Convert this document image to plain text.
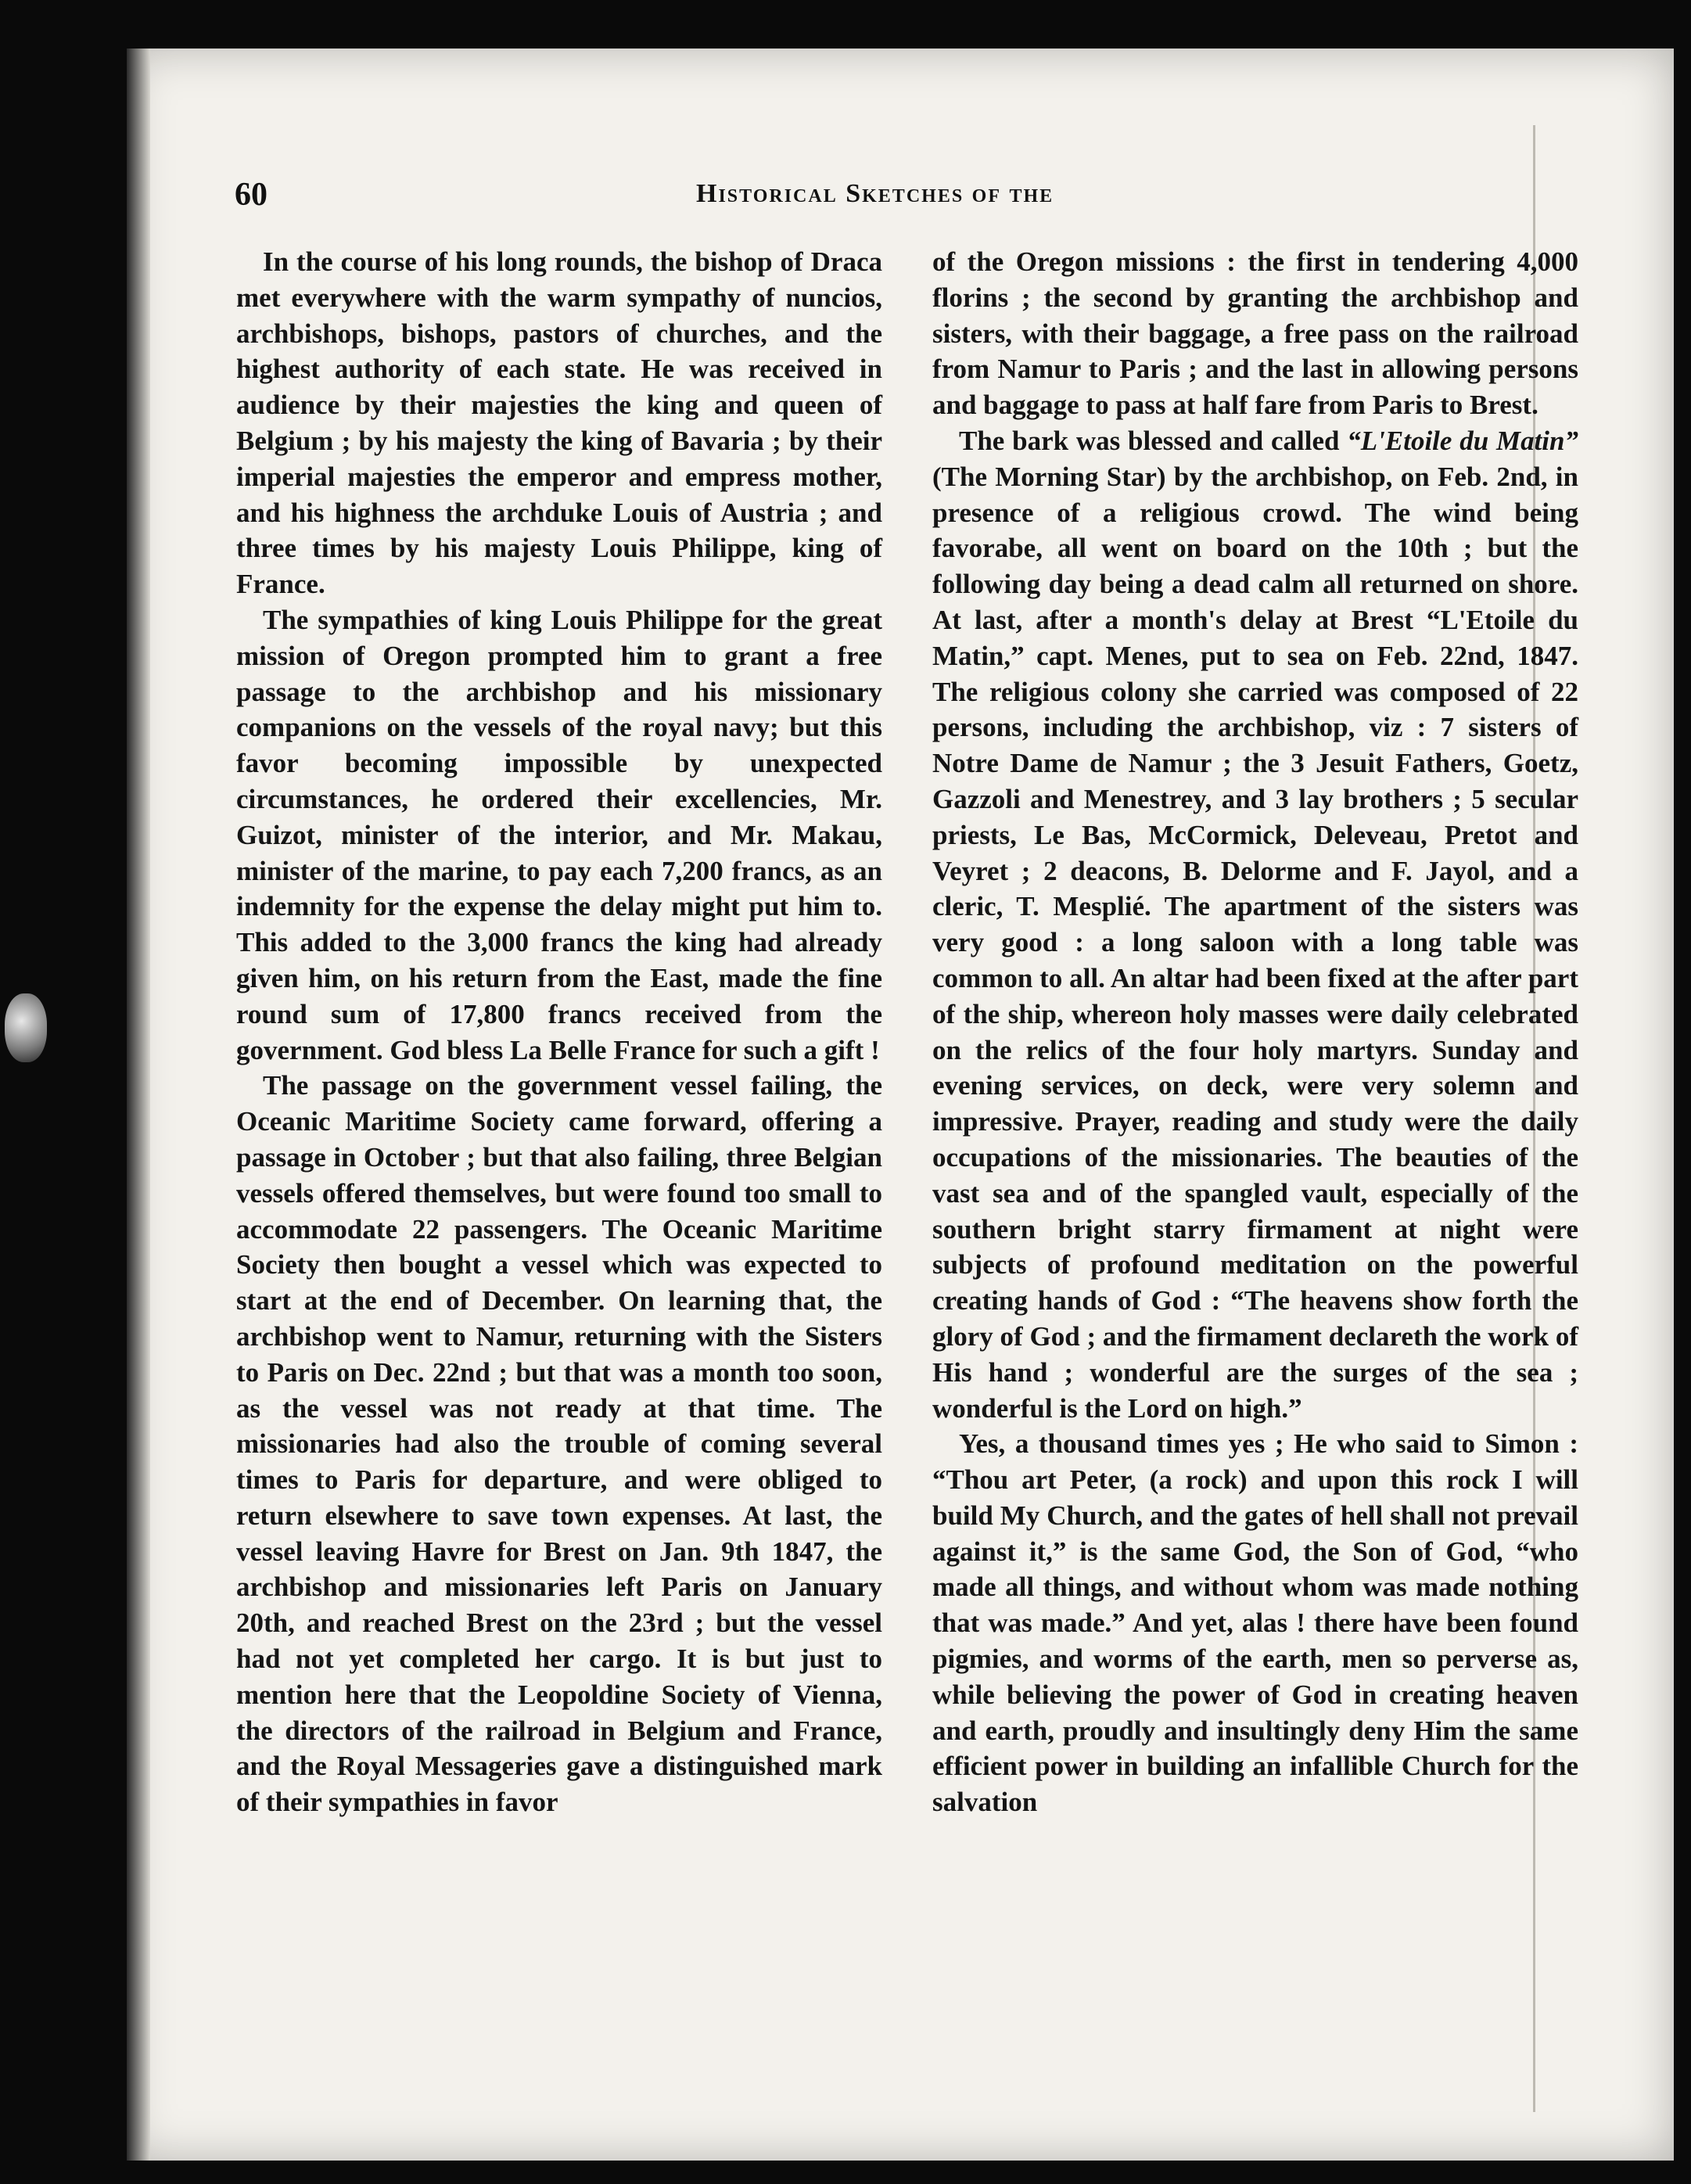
60	Historical Sketches of the

In the course of his long rounds, the bishop of Draca met everywhere with the warm sympathy of nuncios, archbishops, bishops, pastors of churches, and the highest authority of each state. He was received in audience by their majesties the king and queen of Belgium ; by his majesty the king of Bavaria ; by their imperial majesties the emperor and empress mother, and his highness the archduke Louis of Austria ; and three times by his majesty Louis Philippe, king of France.

The sympathies of king Louis Philippe for the great mission of Oregon prompted him to grant a free passage to the archbishop and his missionary companions on the vessels of the royal navy; but this favor becoming impossible by unexpected circumstances, he ordered their excellencies, Mr. Guizot, minister of the interior, and Mr. Makau, minister of the marine, to pay each 7,200 francs, as an indemnity for the expense the delay might put him to. This added to the 3,000 francs the king had already given him, on his return from the East, made the fine round sum of 17,800 francs received from the government. God bless La Belle France for such a gift !

The passage on the government vessel failing, the Oceanic Maritime Society came forward, offering a passage in October ; but that also failing, three Belgian vessels offered themselves, but were found too small to accommodate 22 passengers. The Oceanic Maritime Society then bought a vessel which was expected to start at the end of December. On learning that, the archbishop went to Namur, returning with the Sisters to Paris on Dec. 22nd ; but that was a month too soon, as the vessel was not ready at that time. The missionaries had also the trouble of coming several times to Paris for departure, and were obliged to return elsewhere to save town expenses. At last, the vessel leaving Havre for Brest on Jan. 9th 1847, the archbishop and missionaries left Paris on January 20th, and reached Brest on the 23rd ; but the vessel had not yet completed her cargo. It is but just to mention here that the Leopoldine Society of Vienna, the directors of the railroad in Belgium and France, and the Royal Messageries gave a distinguished mark of their sympathies in favor

of the Oregon missions : the first in tendering 4,000 florins ; the second by granting the archbishop and sisters, with their baggage, a free pass on the railroad from Namur to Paris ; and the last in allowing persons and baggage to pass at half fare from Paris to Brest.

The bark was blessed and called “L'Etoile du Matin” (The Morning Star) by the archbishop, on Feb. 2nd, in presence of a religious crowd. The wind being favorabe, all went on board on the 10th ; but the following day being a dead calm all returned on shore. At last, after a month's delay at Brest “L'Etoile du Matin,” capt. Menes, put to sea on Feb. 22nd, 1847. The religious colony she carried was composed of 22 persons, including the archbishop, viz : 7 sisters of Notre Dame de Namur ; the 3 Jesuit Fathers, Goetz, Gazzoli and Menestrey, and 3 lay brothers ; 5 secular priests, Le Bas, McCormick, Deleveau, Pretot and Veyret ; 2 deacons, B. Delorme and F. Jayol, and a cleric, T. Mesplié. The apartment of the sisters was very good : a long saloon with a long table was common to all. An altar had been fixed at the after part of the ship, whereon holy masses were daily celebrated on the relics of the four holy martyrs. Sunday and evening services, on deck, were very solemn and impressive. Prayer, reading and study were the daily occupations of the missionaries. The beauties of the vast sea and of the spangled vault, especially of the southern bright starry firmament at night were subjects of profound meditation on the powerful creating hands of God : “The heavens show forth the glory of God ; and the firmament declareth the work of His hand ; wonderful are the surges of the sea ; wonderful is the Lord on high.”

Yes, a thousand times yes ; He who said to Simon : “Thou art Peter, (a rock) and upon this rock I will build My Church, and the gates of hell shall not prevail against it,” is the same God, the Son of God, “who made all things, and without whom was made nothing that was made.” And yet, alas ! there have been found pigmies, and worms of the earth, men so perverse as, while believing the power of God in creating heaven and earth, proudly and insultingly deny Him the same efficient power in building an infallible Church for the salvation
